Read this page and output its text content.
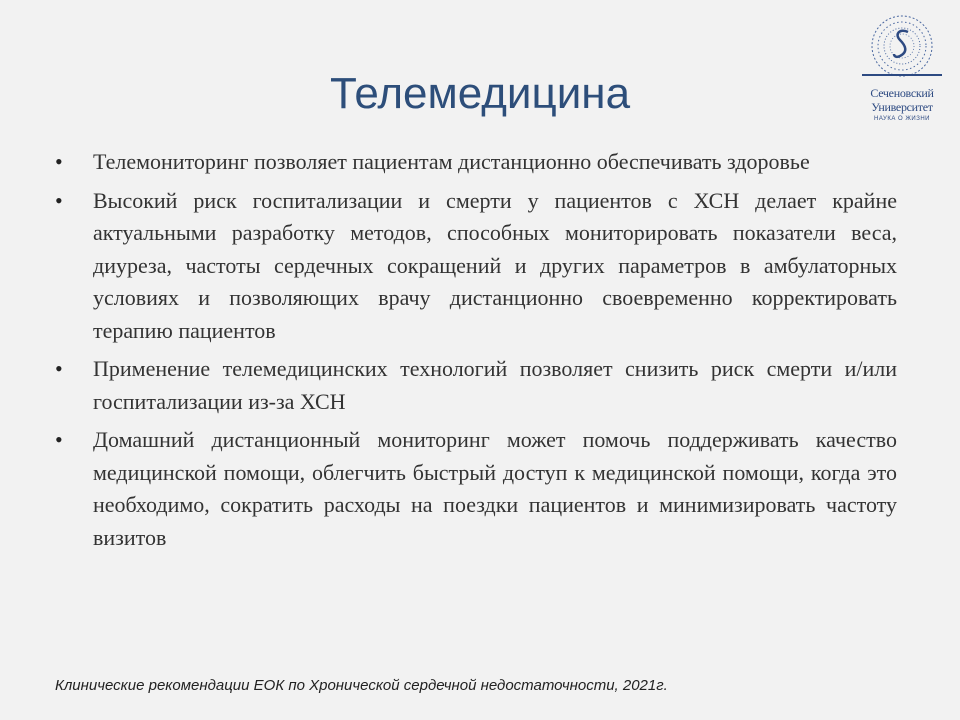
Сеченовский
Университет
НАУКА О ЖИЗНИ
Телемедицина
• Телемониторинг позволяет пациентам дистанционно обеспечивать здоровье
• Высокий риск госпитализации и смерти у пациентов с ХСН делает крайне актуальными разработку методов, способных мониторировать показатели веса, диуреза, частоты сердечных сокращений и других параметров в амбулаторных условиях и позволяющих врачу дистанционно своевременно корректировать терапию пациентов
• Применение телемедицинских технологий позволяет снизить риск смерти и/или госпитализации из-за ХСН
• Домашний дистанционный мониторинг может помочь поддерживать качество медицинской помощи, облегчить быстрый доступ к медицинской помощи, когда это необходимо, сократить расходы на поездки пациентов и минимизировать частоту визитов
Клинические рекомендации ЕОК по Хронической сердечной недостаточности, 2021г.
